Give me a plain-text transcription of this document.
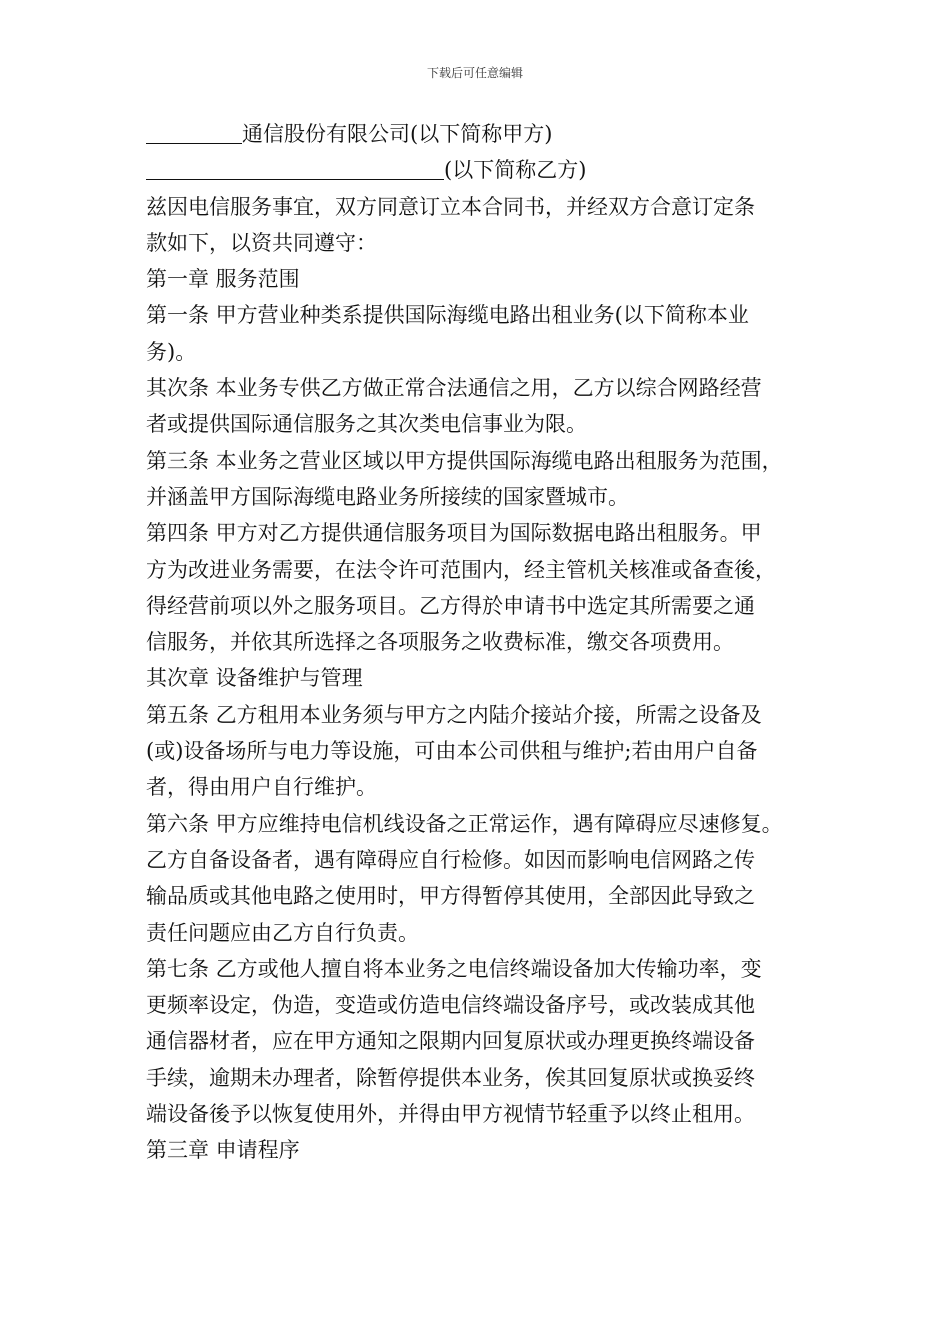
下载后可任意编辑
通信股份有限公司(以下简称甲方)
(以下简称乙方)
兹因电信服务事宜，双方同意订立本合同书，并经双方合意订定条
款如下，以资共同遵守：
第一章 服务范围
第一条 甲方营业种类系提供国际海缆电路出租业务(以下简称本业
务)。
其次条 本业务专供乙方做正常合法通信之用，乙方以综合网路经营
者或提供国际通信服务之其次类电信事业为限。
第三条 本业务之营业区域以甲方提供国际海缆电路出租服务为范围，
并涵盖甲方国际海缆电路业务所接续的国家暨城市。
第四条 甲方对乙方提供通信服务项目为国际数据电路出租服务。甲
方为改进业务需要，在法令许可范围内，经主管机关核准或备查後，
得经营前项以外之服务项目。乙方得於申请书中选定其所需要之通
信服务，并依其所选择之各项服务之收费标准，缴交各项费用。
其次章 设备维护与管理
第五条 乙方租用本业务须与甲方之内陆介接站介接，所需之设备及
(或)设备场所与电力等设施，可由本公司供租与维护;若由用户自备
者，得由用户自行维护。
第六条 甲方应维持电信机线设备之正常运作，遇有障碍应尽速修复。
乙方自备设备者，遇有障碍应自行检修。如因而影响电信网路之传
输品质或其他电路之使用时，甲方得暂停其使用，全部因此导致之
责任问题应由乙方自行负责。
第七条 乙方或他人擅自将本业务之电信终端设备加大传输功率，变
更频率设定，伪造，变造或仿造电信终端设备序号，或改装成其他
通信器材者，应在甲方通知之限期内回复原状或办理更换终端设备
手续，逾期未办理者，除暂停提供本业务，俟其回复原状或换妥终
端设备後予以恢复使用外，并得由甲方视情节轻重予以终止租用。
第三章 申请程序
